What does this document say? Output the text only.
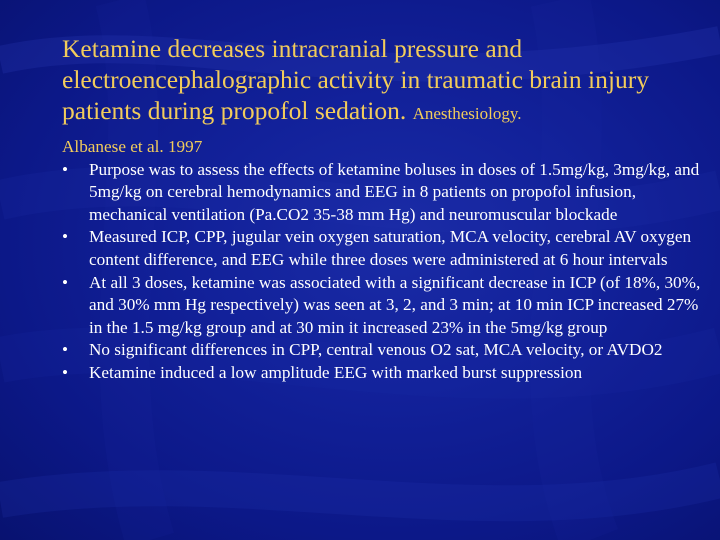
Ketamine decreases intracranial pressure and electroencephalographic activity in traumatic brain injury patients during propofol sedation. Anesthesiology.
Albanese et al. 1997
•	Purpose was to assess the effects of ketamine boluses in doses of 1.5mg/kg, 3mg/kg, and 5mg/kg on cerebral hemodynamics and EEG in 8 patients on propofol infusion, mechanical ventilation (Pa.CO2 35-38 mm Hg) and neuromuscular blockade
•	Measured ICP, CPP, jugular vein oxygen saturation, MCA velocity, cerebral AV oxygen content difference, and EEG while three doses were administered at 6 hour intervals
•	At all 3 doses, ketamine was associated with a significant decrease in ICP (of 18%, 30%, and 30% mm Hg respectively) was seen at 3, 2, and 3 min; at 10 min ICP increased 27% in the 1.5 mg/kg group and at 30 min it increased 23% in the 5mg/kg group
•	No significant differences in CPP, central venous O2 sat, MCA velocity, or AVDO2
•	Ketamine induced a low amplitude EEG with marked burst suppression
